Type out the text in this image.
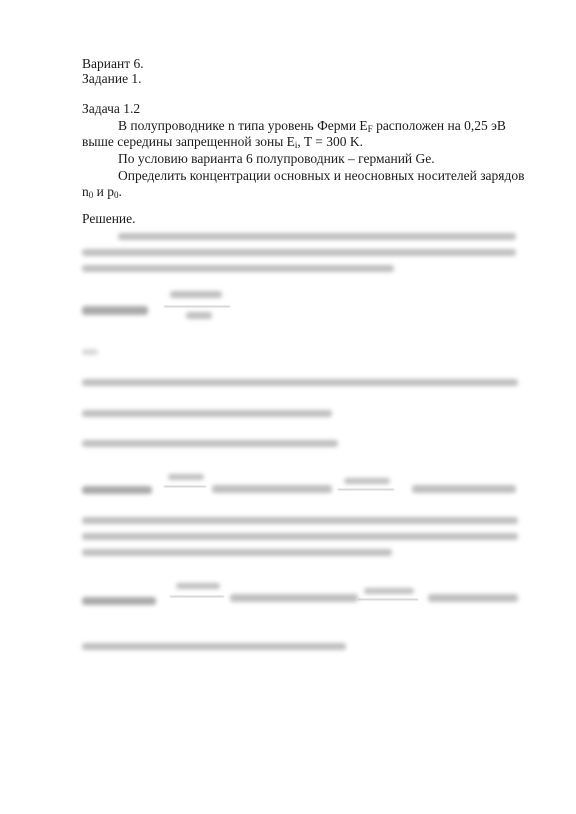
Вариант 6.
Задание 1.
Задача 1.2
В полупроводнике n типа уровень Ферми $E_F$ расположен на 0,25 эВ
выше середины запрещенной зоны $E_i$, T = 300 K.
По условию варианта 6 полупроводник – германий Ge.
Определить концентрации основных и неосновных носителей зарядов
$n_0$ и $p_0$.
Решение.
